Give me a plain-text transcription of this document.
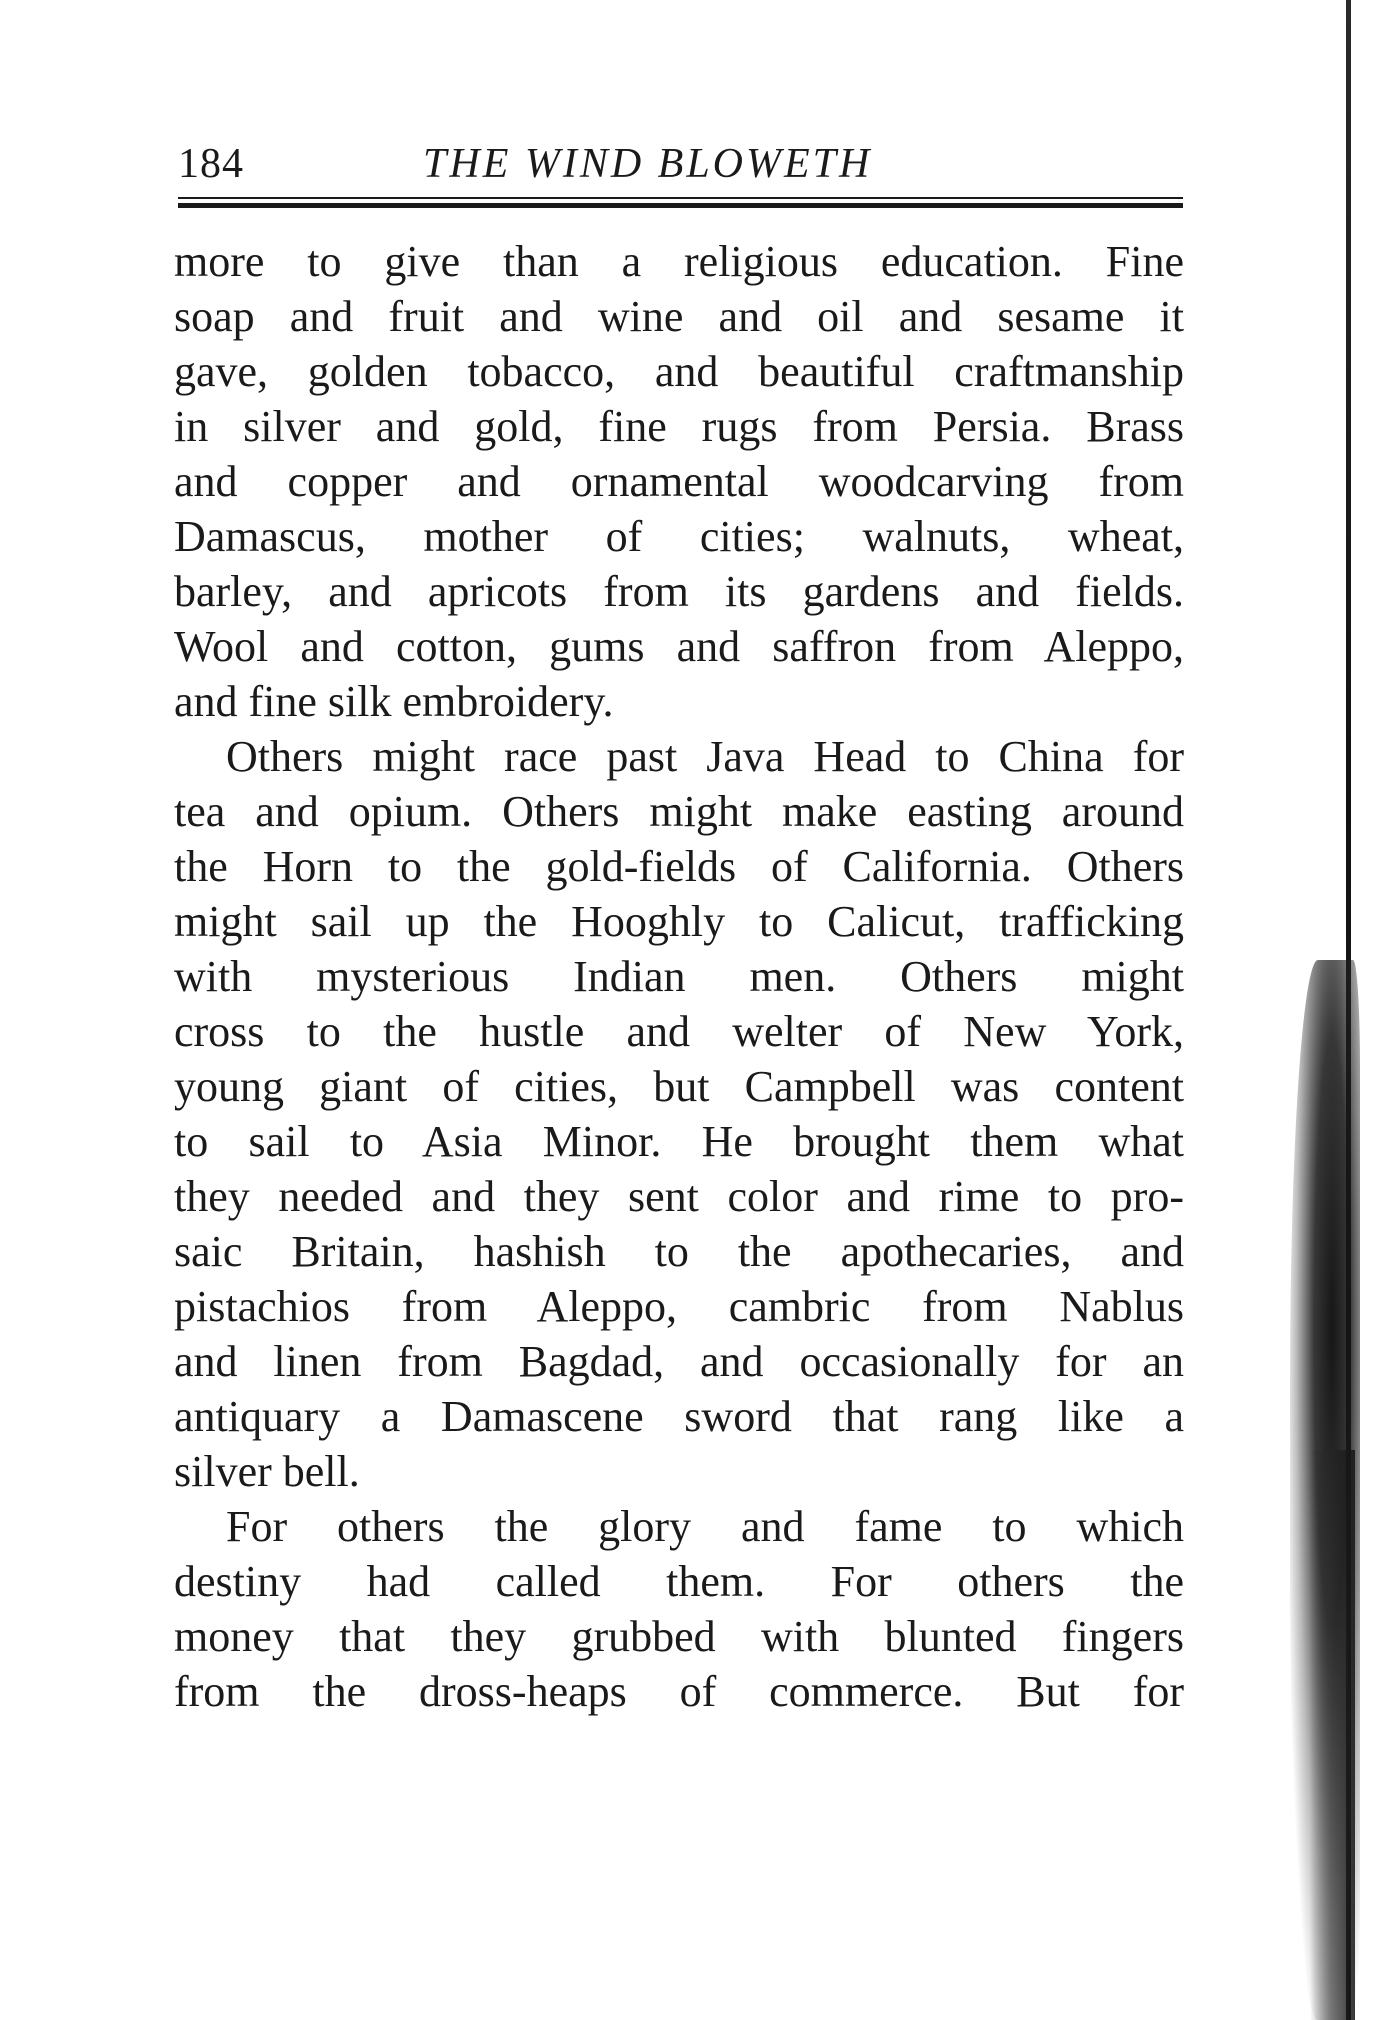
184	THE WIND BLOWETH
more to give than a religious education. Fine
soap and fruit and wine and oil and sesame it
gave, golden tobacco, and beautiful craftmanship
in silver and gold, fine rugs from Persia. Brass
and copper and ornamental woodcarving from
Damascus, mother of cities; walnuts, wheat,
barley, and apricots from its gardens and fields.
Wool and cotton, gums and saffron from Aleppo,
and fine silk embroidery.
Others might race past Java Head to China for
tea and opium. Others might make easting around
the Horn to the gold-fields of California. Others
might sail up the Hooghly to Calicut, trafficking
with mysterious Indian men. Others might
cross to the hustle and welter of New York,
young giant of cities, but Campbell was content
to sail to Asia Minor. He brought them what
they needed and they sent color and rime to pro-
saic Britain, hashish to the apothecaries, and
pistachios from Aleppo, cambric from Nablus
and linen from Bagdad, and occasionally for an
antiquary a Damascene sword that rang like a
silver bell.
For others the glory and fame to which
destiny had called them. For others the
money that they grubbed with blunted fingers
from the dross-heaps of commerce. But for
